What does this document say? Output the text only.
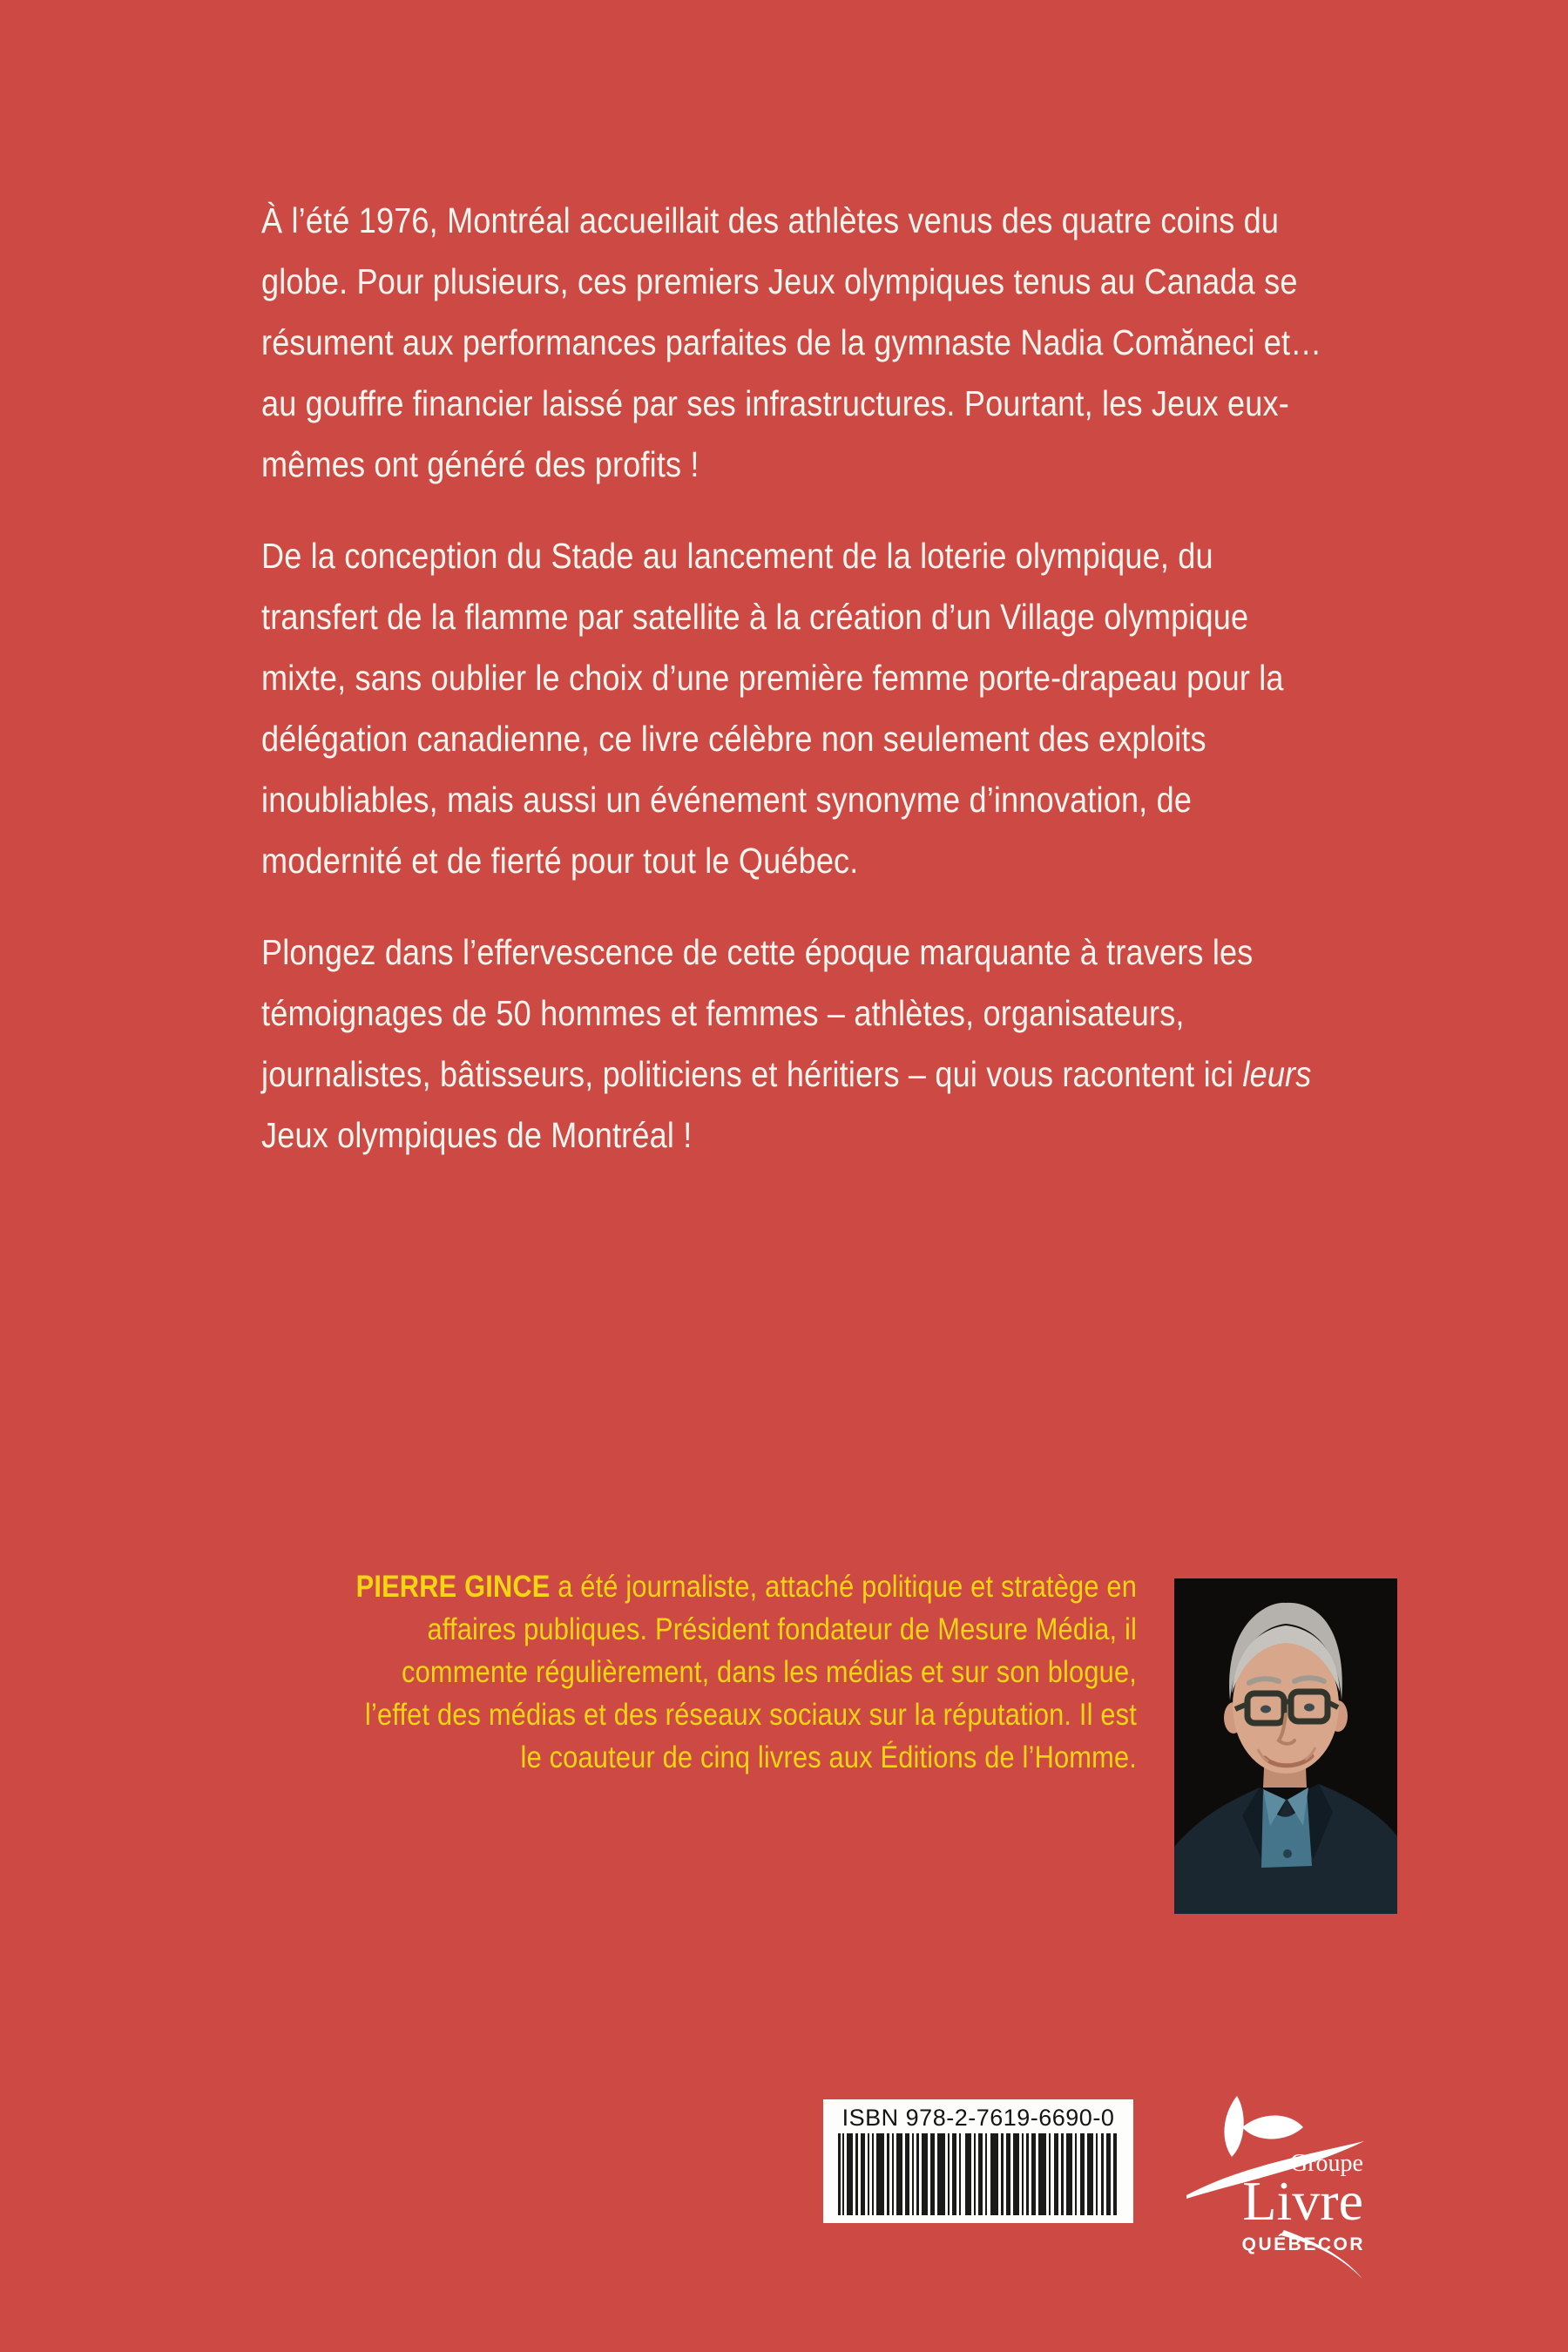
À l’été 1976, Montréal accueillait des athlètes venus des quatre coins du globe. Pour plusieurs, ces premiers Jeux olympiques tenus au Canada se résument aux performances parfaites de la gymnaste Nadia Comăneci et… au gouffre financier laissé par ses infrastructures. Pourtant, les Jeux eux-mêmes ont généré des profits !

De la conception du Stade au lancement de la loterie olympique, du transfert de la flamme par satellite à la création d’un Village olympique mixte, sans oublier le choix d’une première femme porte-drapeau pour la délégation canadienne, ce livre célèbre non seulement des exploits inoubliables, mais aussi un événement synonyme d’innovation, de modernité et de fierté pour tout le Québec.

Plongez dans l’effervescence de cette époque marquante à travers les témoignages de 50 hommes et femmes – athlètes, organisateurs, journalistes, bâtisseurs, politiciens et héritiers – qui vous racontent ici leurs Jeux olympiques de Montréal !

PIERRE GINCE a été journaliste, attaché politique et stratège en affaires publiques. Président fondateur de Mesure Média, il commente régulièrement, dans les médias et sur son blogue, l’effet des médias et des réseaux sociaux sur la réputation. Il est le coauteur de cinq livres aux Éditions de l’Homme.
ISBN 978-2-7619-6690-0
Groupe
Livre
QUÉBECOR
